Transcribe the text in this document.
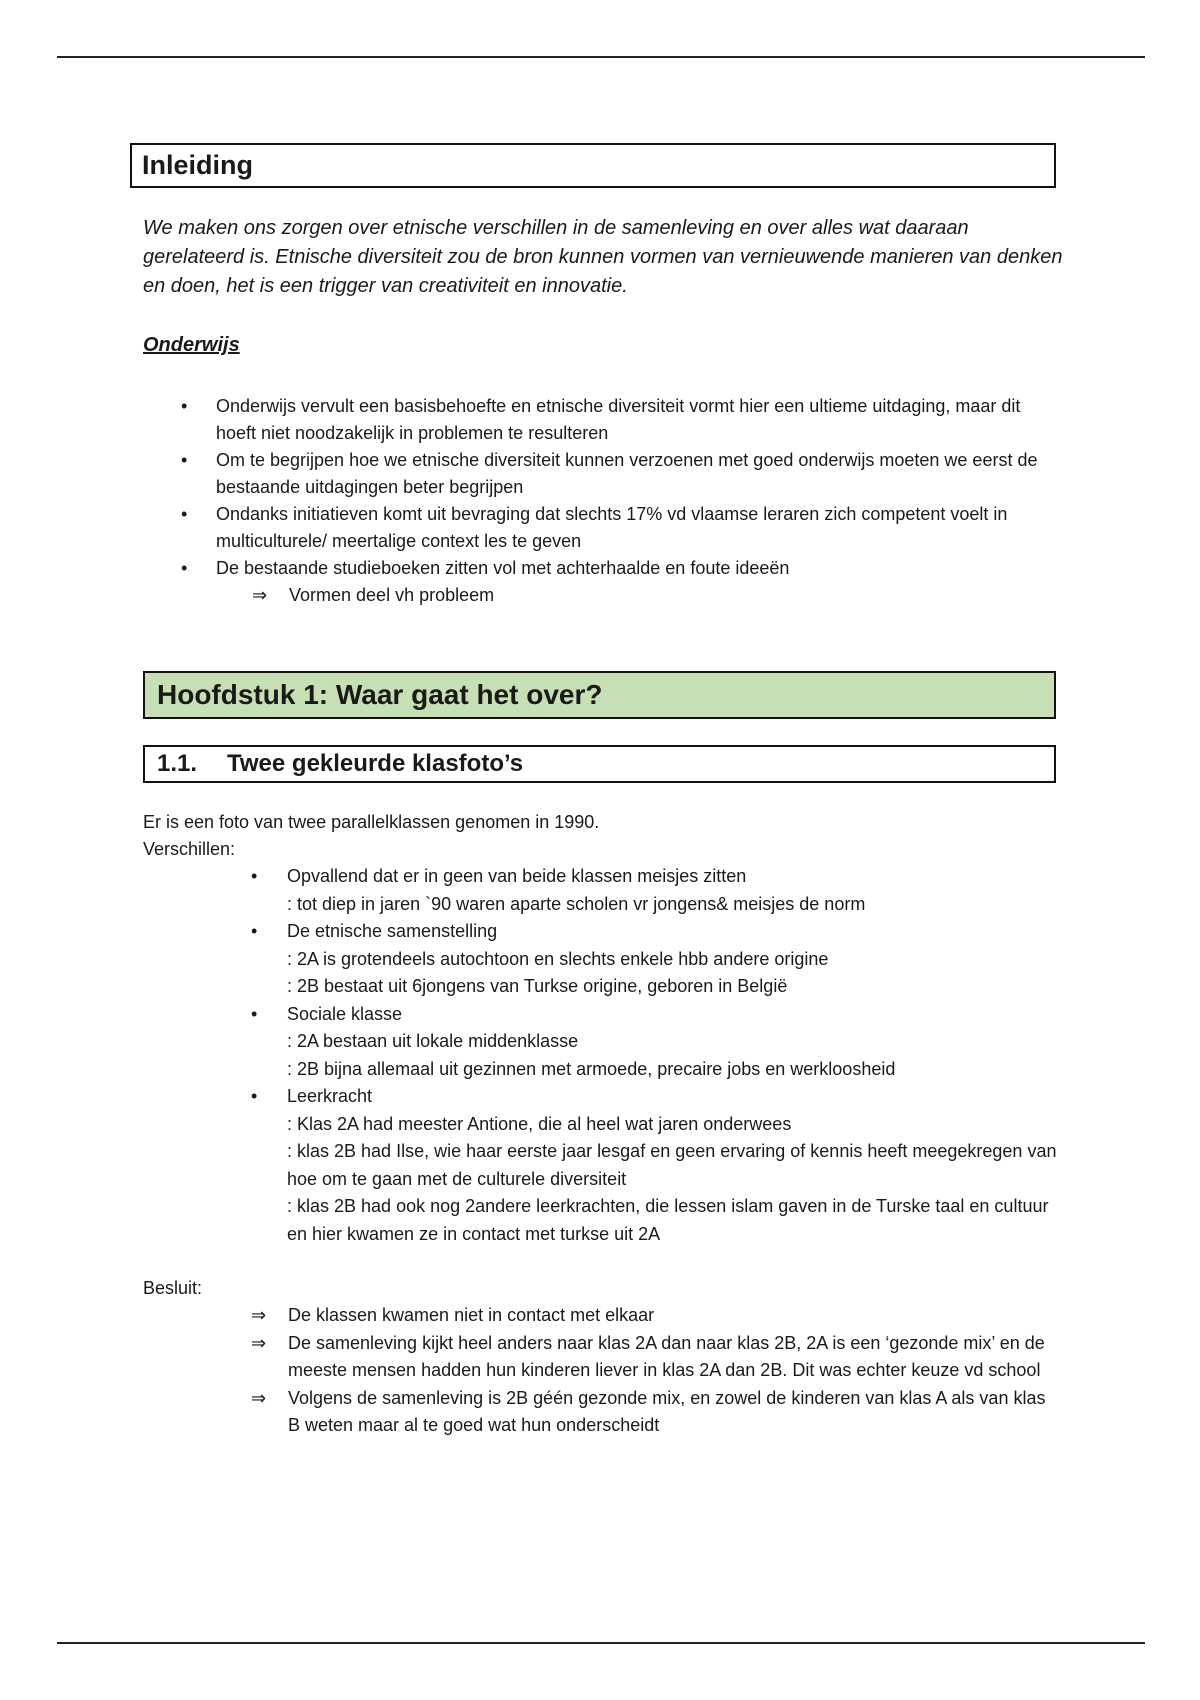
Inleiding

We maken ons zorgen over etnische verschillen in de samenleving en over alles wat daaraan gerelateerd is. Etnische diversiteit zou de bron kunnen vormen van vernieuwende manieren van denken en doen, het is een trigger van creativiteit en innovatie.

Onderwijs

• Onderwijs vervult een basisbehoefte en etnische diversiteit vormt hier een ultieme uitdaging, maar dit hoeft niet noodzakelijk in problemen te resulteren
• Om te begrijpen hoe we etnische diversiteit kunnen verzoenen met goed onderwijs moeten we eerst de bestaande uitdagingen beter begrijpen
• Ondanks initiatieven komt uit bevraging dat slechts 17% vd vlaamse leraren zich competent voelt in multiculturele/ meertalige context les te geven
• De bestaande studieboeken zitten vol met achterhaalde en foute ideeën
⇒ Vormen deel vh probleem
Hoofdstuk 1: Waar gaat het over?
1.1.	Twee gekleurde klasfoto’s

Er is een foto van twee parallelklassen genomen in 1990.

Verschillen:

• Opvallend dat er in geen van beide klassen meisjes zitten
: tot diep in jaren `90 waren aparte scholen vr jongens& meisjes de norm
• De etnische samenstelling
: 2A is grotendeels autochtoon en slechts enkele hbb andere origine
: 2B bestaat uit 6jongens van Turkse origine, geboren in België
• Sociale klasse
: 2A bestaan uit lokale middenklasse
: 2B bijna allemaal uit gezinnen met armoede, precaire jobs en werkloosheid
• Leerkracht
: Klas 2A had meester Antione, die al heel wat jaren onderwees
: klas 2B had Ilse, wie haar eerste jaar lesgaf en geen ervaring of kennis heeft meegekregen van hoe om te gaan met de culturele diversiteit
: klas 2B had ook nog 2andere leerkrachten, die lessen islam gaven in de Turske taal en cultuur en hier kwamen ze in contact met turkse uit 2A

Besluit:

⇒ De klassen kwamen niet in contact met elkaar
⇒ De samenleving kijkt heel anders naar klas 2A dan naar klas 2B, 2A is een ‘gezonde mix’ en de meeste mensen hadden hun kinderen liever in klas 2A dan 2B. Dit was echter keuze vd school
⇒ Volgens de samenleving is 2B géén gezonde mix, en zowel de kinderen van klas A als van klas B weten maar al te goed wat hun onderscheidt
